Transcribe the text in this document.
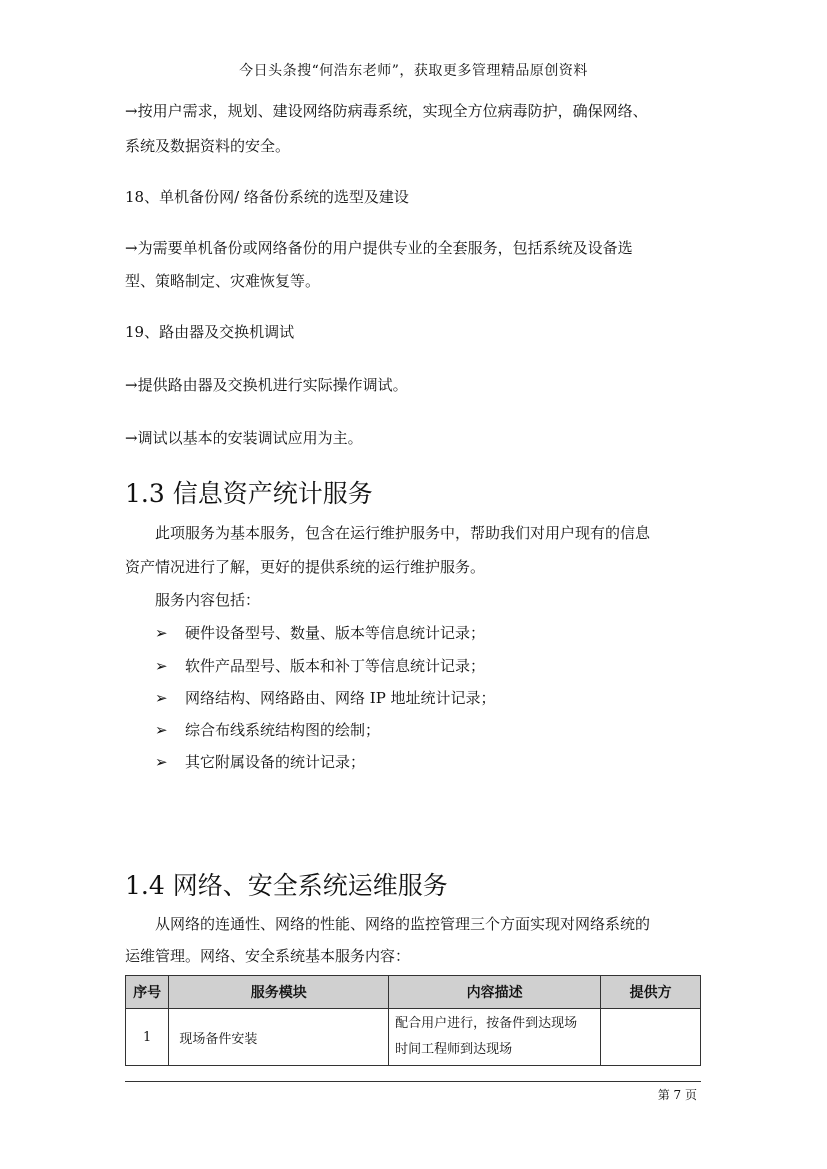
今日头条搜“何浩东老师”，获取更多管理精品原创资料
→按用户需求，规划、建设网络防病毒系统，实现全方位病毒防护，确保网络、
系统及数据资料的安全。
18、单机备份网/ 络备份系统的选型及建设
→为需要单机备份或网络备份的用户提供专业的全套服务，包括系统及设备选
型、策略制定、灾难恢复等。
19、路由器及交换机调试
→提供路由器及交换机进行实际操作调试。
→调试以基本的安装调试应用为主。
1.3 信息资产统计服务
此项服务为基本服务，包含在运行维护服务中，帮助我们对用户现有的信息
资产情况进行了解，更好的提供系统的运行维护服务。
服务内容包括：
➢ 硬件设备型号、数量、版本等信息统计记录；
➢ 软件产品型号、版本和补丁等信息统计记录；
➢ 网络结构、网络路由、网络 IP 地址统计记录；
➢ 综合布线系统结构图的绘制；
➢ 其它附属设备的统计记录；
1.4 网络、安全系统运维服务
从网络的连通性、网络的性能、网络的监控管理三个方面实现对网络系统的
运维管理。网络、安全系统基本服务内容：
序号	服务模块	内容描述	提供方
1	现场备件安装	配合用户进行，按备件到达现场
时间工程师到达现场	

第 7 页
